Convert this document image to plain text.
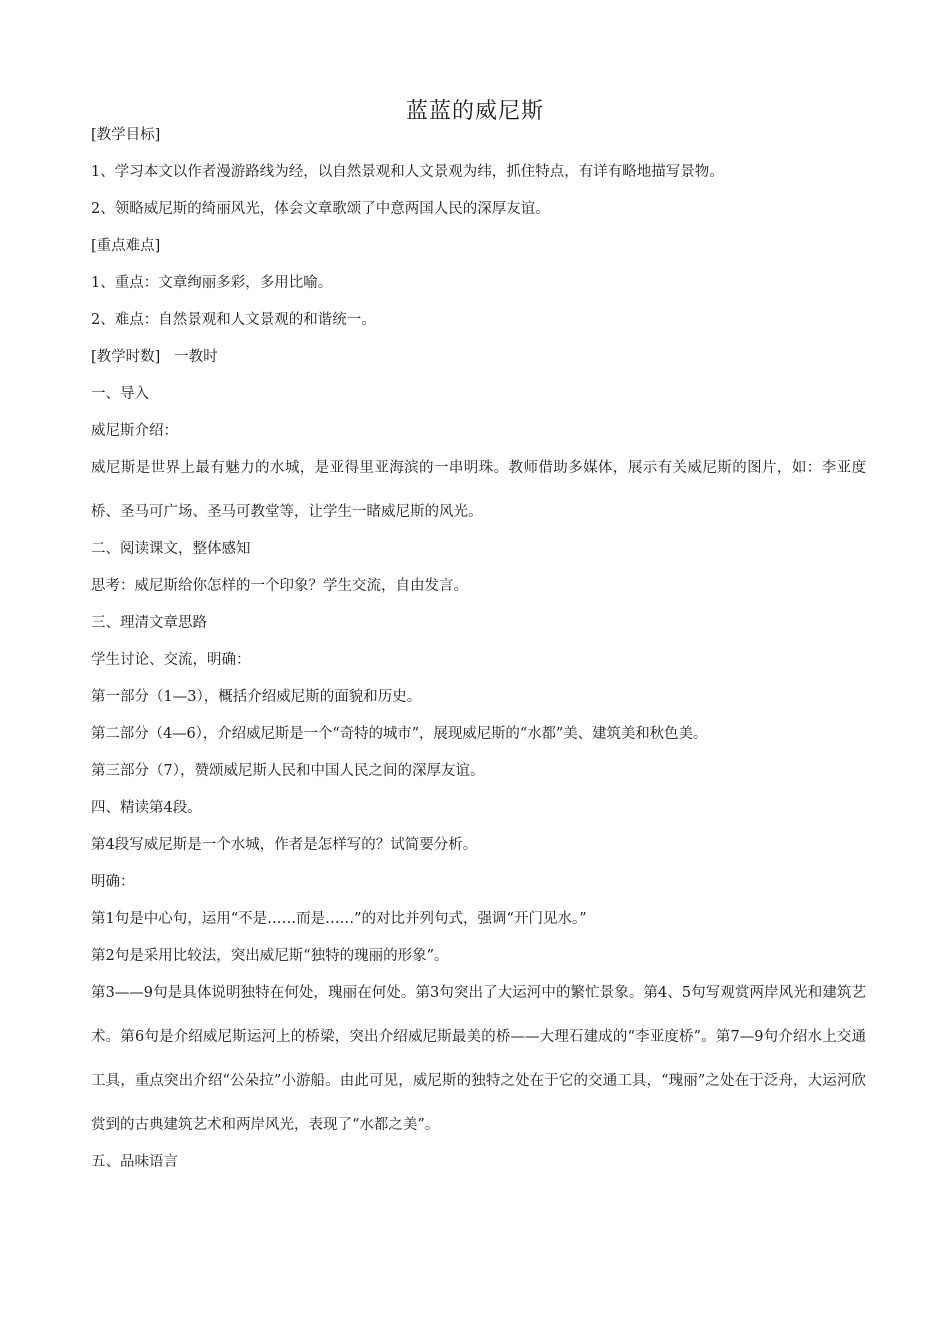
蓝蓝的威尼斯

[教学目标]

1、学习本文以作者漫游路线为经，以自然景观和人文景观为纬，抓住特点，有详有略地描写景物。

2、领略威尼斯的绮丽风光，体会文章歌颂了中意两国人民的深厚友谊。

[重点难点]

1、重点：文章绚丽多彩，多用比喻。

2、难点：自然景观和人文景观的和谐统一。

[教学时数]   一教时

一、导入

威尼斯介绍：

威尼斯是世界上最有魅力的水城，是亚得里亚海滨的一串明珠。教师借助多媒体，展示有关威尼斯的图片，如：李亚度桥、圣马可广场、圣马可教堂等，让学生一睹威尼斯的风光。

二、阅读课文，整体感知

思考：威尼斯给你怎样的一个印象？学生交流，自由发言。

三、理清文章思路

学生讨论、交流，明确：

第一部分（1—3），概括介绍威尼斯的面貌和历史。

第二部分（4—6），介绍威尼斯是一个“奇特的城市”，展现威尼斯的“水都”美、建筑美和秋色美。

第三部分（7），赞颂威尼斯人民和中国人民之间的深厚友谊。

四、精读第4段。

第4段写威尼斯是一个水城，作者是怎样写的？试简要分析。

明确：

第1句是中心句，运用“不是……而是……”的对比并列句式，强调“开门见水。”

第2句是采用比较法，突出威尼斯“独特的瑰丽的形象”。

第3——9句是具体说明独特在何处，瑰丽在何处。第3句突出了大运河中的繁忙景象。第4、5句写观赏两岸风光和建筑艺术。第6句是介绍威尼斯运河上的桥梁，突出介绍威尼斯最美的桥——大理石建成的“李亚度桥”。第7—9句介绍水上交通工具，重点突出介绍“公朵拉”小游船。由此可见，威尼斯的独特之处在于它的交通工具，“瑰丽”之处在于泛舟，大运河欣赏到的古典建筑艺术和两岸风光，表现了“水都之美”。

五、品味语言
